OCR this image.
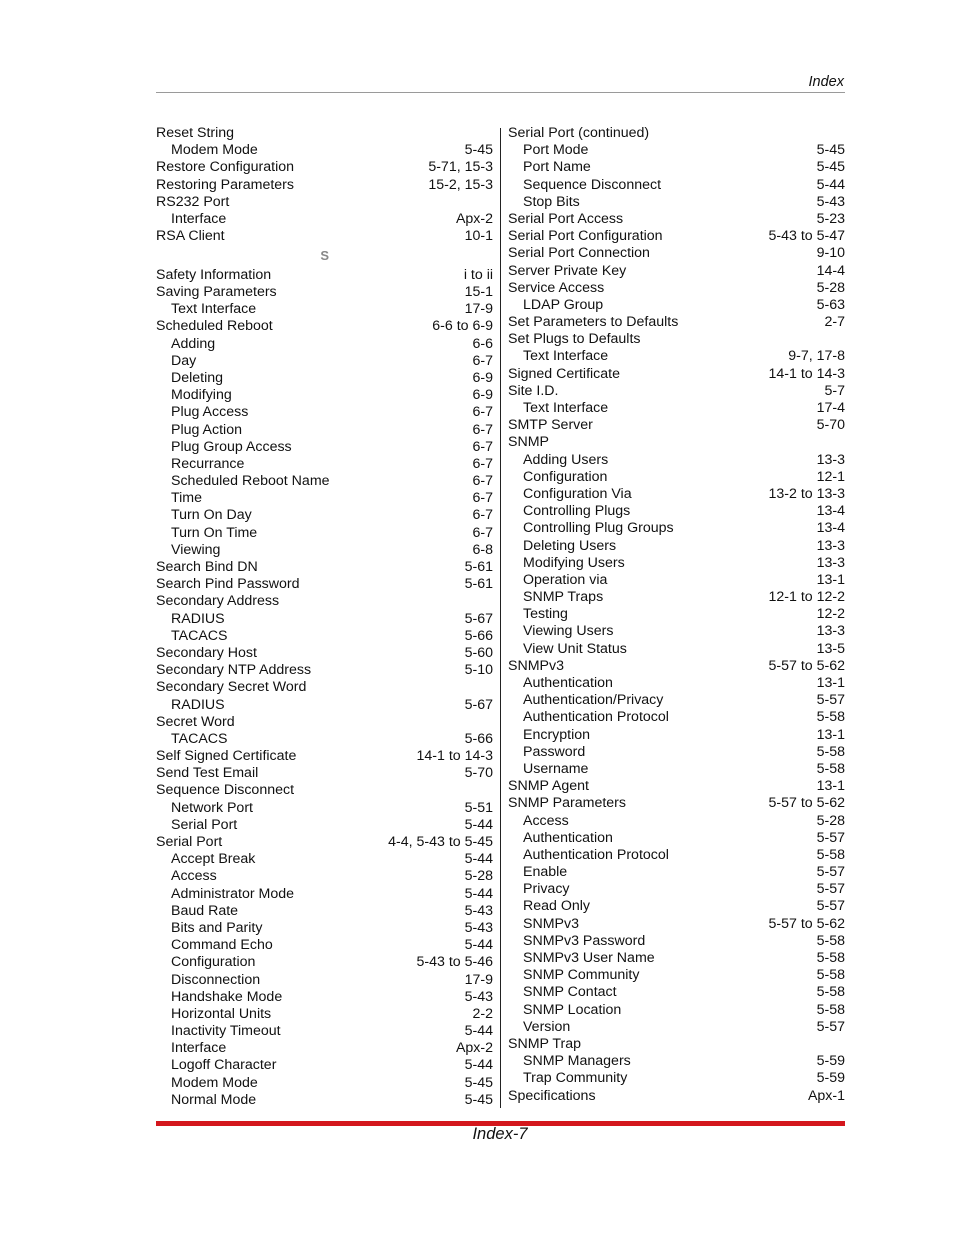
Index
Reset String
Modem Mode	5-45
Restore Configuration	5-71, 15-3
Restoring Parameters	15-2, 15-3
RS232 Port
Interface	Apx-2
RSA Client	10-1
S
Safety Information	i to ii
Saving Parameters	15-1
Text Interface	17-9
Scheduled Reboot	6-6 to 6-9
Adding	6-6
Day	6-7
Deleting	6-9
Modifying	6-9
Plug Access	6-7
Plug Action	6-7
Plug Group Access	6-7
Recurrance	6-7
Scheduled Reboot Name	6-7
Time	6-7
Turn On Day	6-7
Turn On Time	6-7
Viewing	6-8
Search Bind DN	5-61
Search Pind Password	5-61
Secondary Address
RADIUS	5-67
TACACS	5-66
Secondary Host	5-60
Secondary NTP Address	5-10
Secondary Secret Word
RADIUS	5-67
Secret Word
TACACS	5-66
Self Signed Certificate	14-1 to 14-3
Send Test Email	5-70
Sequence Disconnect
Network Port	5-51
Serial Port	5-44
Serial Port	4-4, 5-43 to 5-45
Accept Break	5-44
Access	5-28
Administrator Mode	5-44
Baud Rate	5-43
Bits and Parity	5-43
Command Echo	5-44
Configuration	5-43 to 5-46
Disconnection	17-9
Handshake Mode	5-43
Horizontal Units	2-2
Inactivity Timeout	5-44
Interface	Apx-2
Logoff Character	5-44
Modem Mode	5-45
Normal Mode	5-45
Serial Port (continued)
Port Mode	5-45
Port Name	5-45
Sequence Disconnect	5-44
Stop Bits	5-43
Serial Port Access	5-23
Serial Port Configuration	5-43 to 5-47
Serial Port Connection	9-10
Server Private Key	14-4
Service Access	5-28
LDAP Group	5-63
Set Parameters to Defaults	2-7
Set Plugs to Defaults
Text Interface	9-7, 17-8
Signed Certificate	14-1 to 14-3
Site I.D.	5-7
Text Interface	17-4
SMTP Server	5-70
SNMP
Adding Users	13-3
Configuration	12-1
Configuration Via	13-2 to 13-3
Controlling Plugs	13-4
Controlling Plug Groups	13-4
Deleting Users	13-3
Modifying Users	13-3
Operation via	13-1
SNMP Traps	12-1 to 12-2
Testing	12-2
Viewing Users	13-3
View Unit Status	13-5
SNMPv3	5-57 to 5-62
Authentication	13-1
Authentication/Privacy	5-57
Authentication Protocol	5-58
Encryption	13-1
Password	5-58
Username	5-58
SNMP Agent	13-1
SNMP Parameters	5-57 to 5-62
Access	5-28
Authentication	5-57
Authentication Protocol	5-58
Enable	5-57
Privacy	5-57
Read Only	5-57
SNMPv3	5-57 to 5-62
SNMPv3 Password	5-58
SNMPv3 User Name	5-58
SNMP Community	5-58
SNMP Contact	5-58
SNMP Location	5-58
Version	5-57
SNMP Trap
SNMP Managers	5-59
Trap Community	5-59
Specifications	Apx-1
Index-7
